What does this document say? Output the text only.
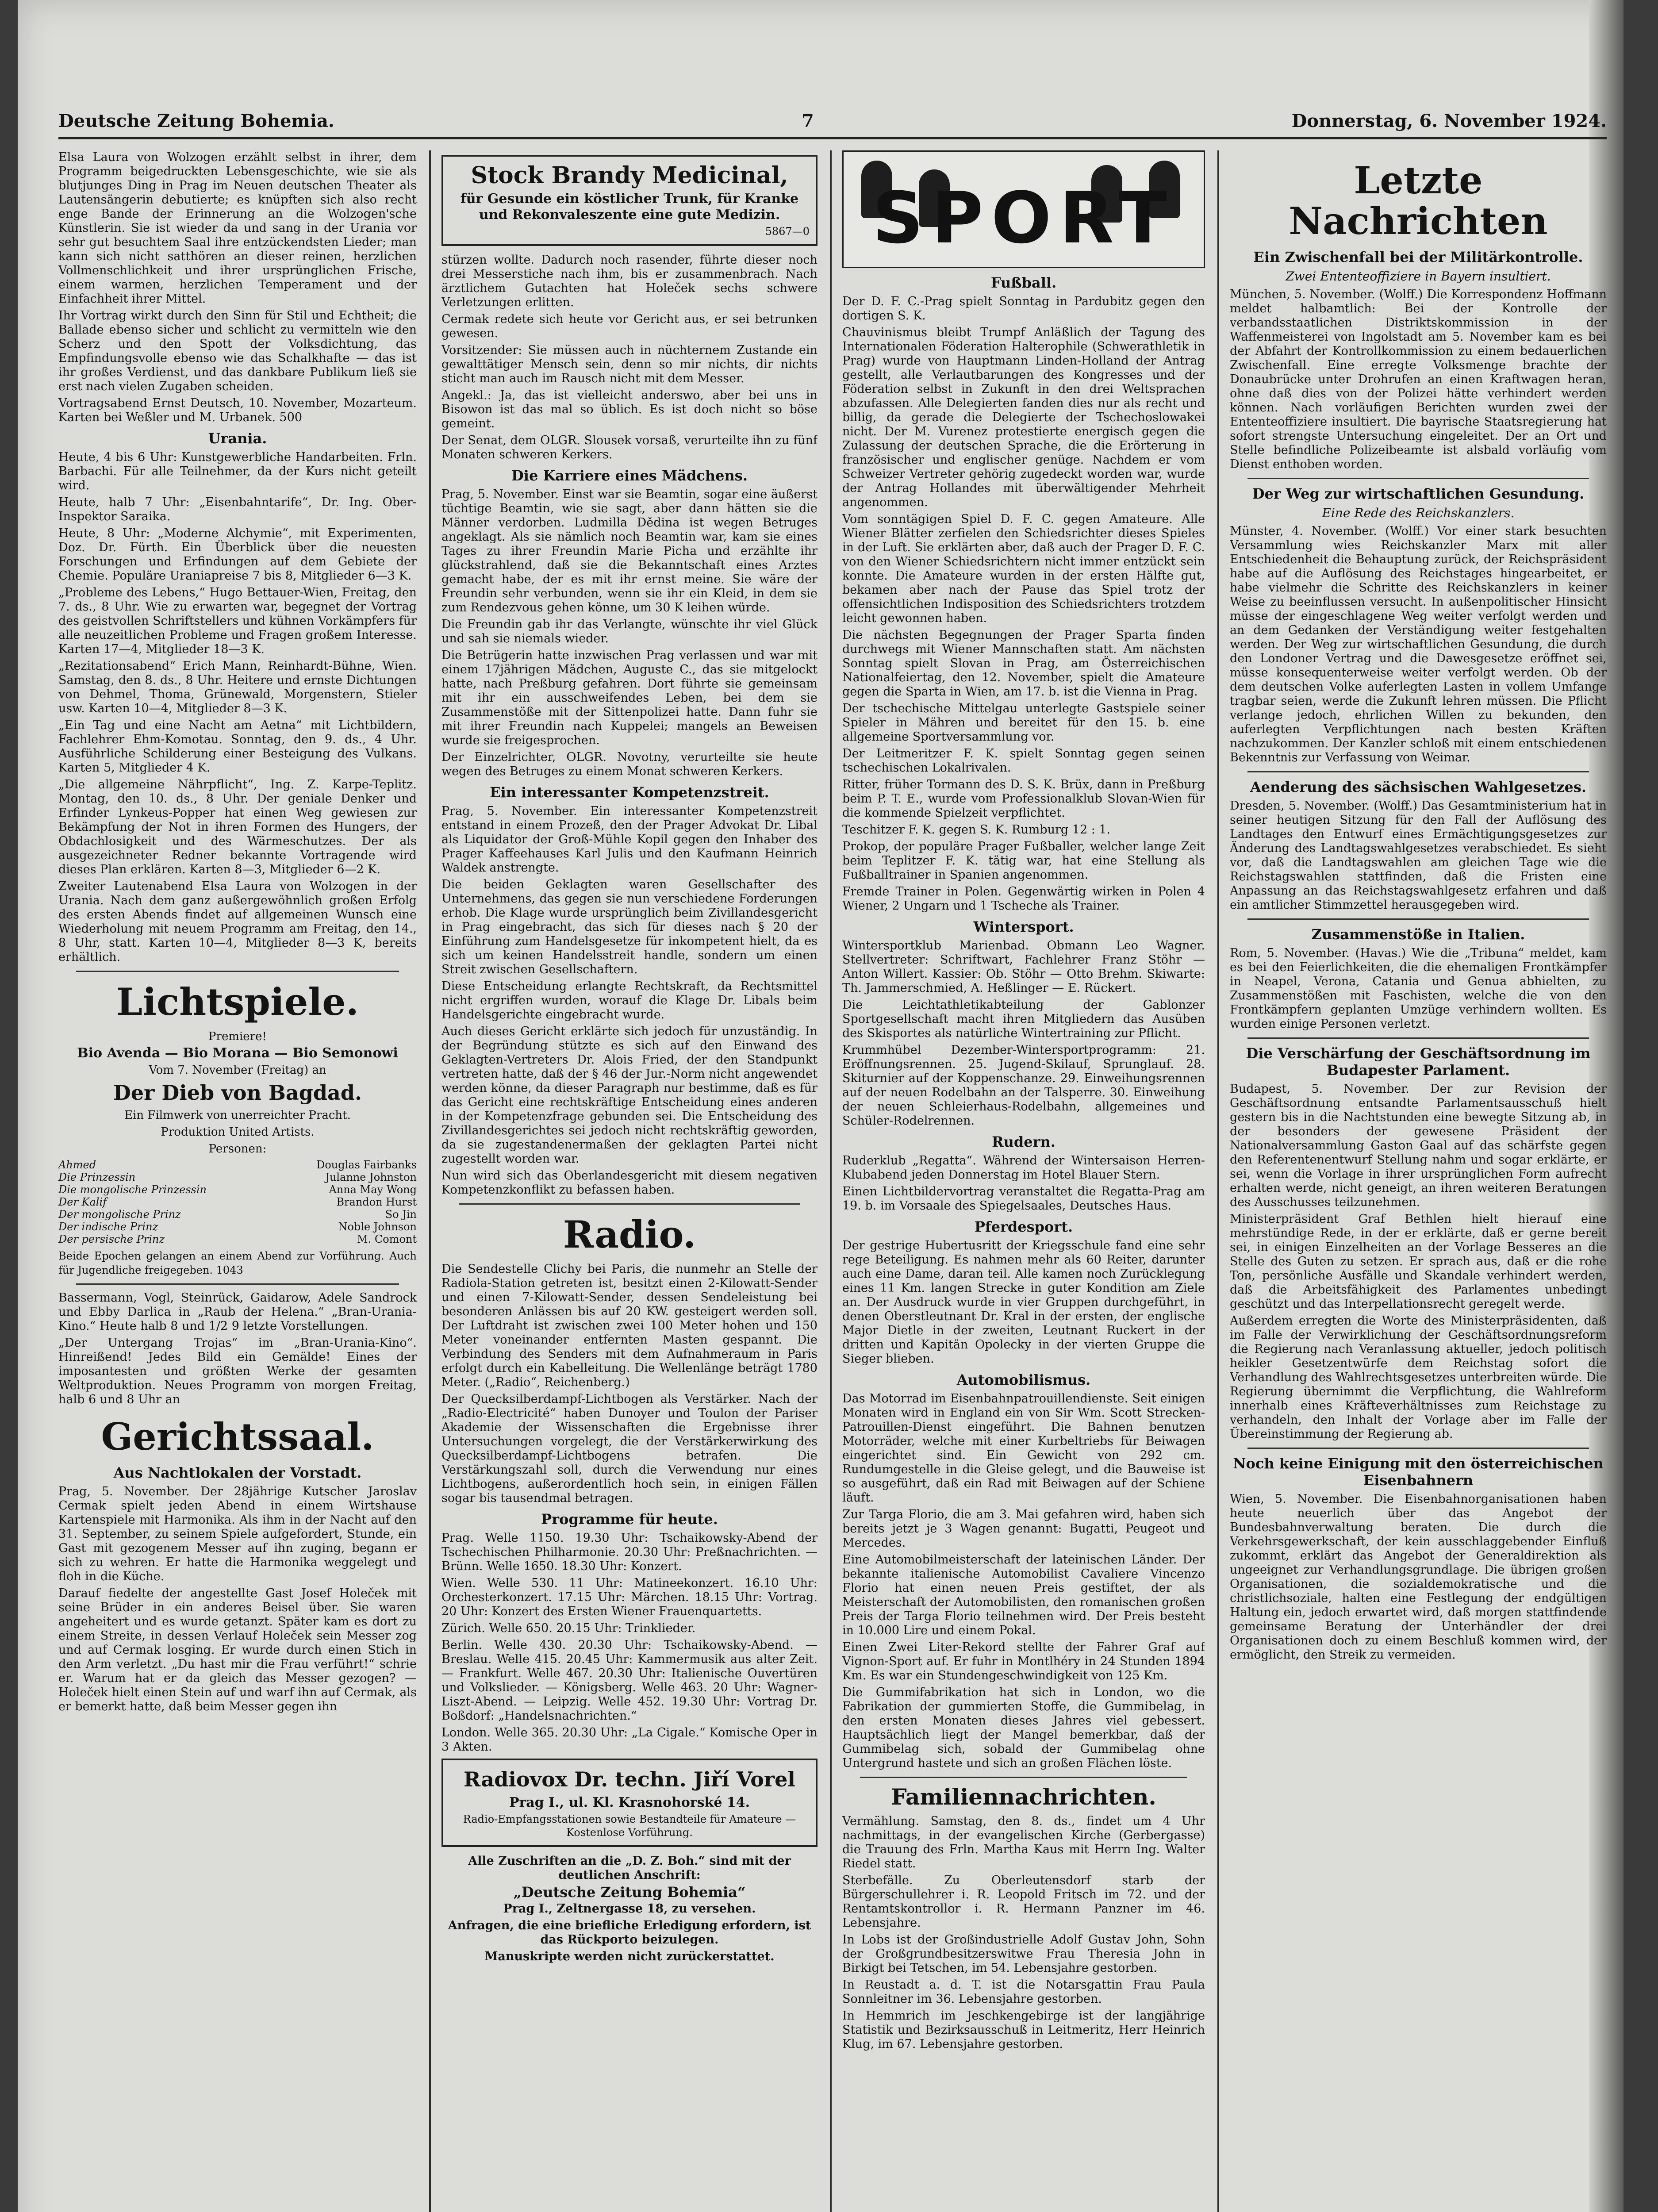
Deutsche Zeitung Bohemia.	7	Donnerstag, 6. November 1924.

Elsa Laura von Wolzogen erzählt selbst in ihrer, dem Programm beigedruckten Lebensgeschichte, wie sie als blutjunges Ding in Prag im Neuen deutschen Theater als Lautensängerin debutierte; es knüpften sich also recht enge Bande der Erinnerung an die Wolzogen'sche Künstlerin. Sie ist wieder da und sang in der Urania vor sehr gut besuchtem Saal ihre entzückendsten Lieder; man kann sich nicht satthören an dieser reinen, herzlichen Vollmenschlichkeit und ihrer ursprünglichen Frische, einem warmen, herzlichen Temperament und der Einfachheit ihrer Mittel.

Ihr Vortrag wirkt durch den Sinn für Stil und Echtheit; die Ballade ebenso sicher und schlicht zu vermitteln wie den Scherz und den Spott der Volksdichtung, das Empfindungsvolle ebenso wie das Schalkhafte — das ist ihr großes Verdienst, und das dankbare Publikum ließ sie erst nach vielen Zugaben scheiden.

Vortragsabend Ernst Deutsch, 10. November, Mozarteum. Karten bei Weßler und M. Urbanek. 500

Urania.

Heute, 4 bis 6 Uhr: Kunstgewerbliche Handarbeiten. Frln. Barbachi. Für alle Teilnehmer, da der Kurs nicht geteilt wird.

Heute, halb 7 Uhr: „Eisenbahntarife“, Dr. Ing. Ober-Inspektor Saraika.

Heute, 8 Uhr: „Moderne Alchymie“, mit Experimenten, Doz. Dr. Fürth. Ein Überblick über die neuesten Forschungen und Erfindungen auf dem Gebiete der Chemie. Populäre Uraniapreise 7 bis 8, Mitglieder 6—3 K.

„Probleme des Lebens,“ Hugo Bettauer-Wien, Freitag, den 7. ds., 8 Uhr. Wie zu erwarten war, begegnet der Vortrag des geistvollen Schriftstellers und kühnen Vorkämpfers für alle neuzeitlichen Probleme und Fragen großem Interesse. Karten 17—4, Mitglieder 18—3 K.

„Rezitationsabend“ Erich Mann, Reinhardt-Bühne, Wien. Samstag, den 8. ds., 8 Uhr. Heitere und ernste Dichtungen von Dehmel, Thoma, Grünewald, Morgenstern, Stieler usw. Karten 10—4, Mitglieder 8—3 K.

„Ein Tag und eine Nacht am Aetna“ mit Lichtbildern, Fachlehrer Ehm-Komotau. Sonntag, den 9. ds., 4 Uhr. Ausführliche Schilderung einer Besteigung des Vulkans. Karten 5, Mitglieder 4 K.

„Die allgemeine Nährpflicht“, Ing. Z. Karpe-Teplitz. Montag, den 10. ds., 8 Uhr. Der geniale Denker und Erfinder Lynkeus-Popper hat einen Weg gewiesen zur Bekämpfung der Not in ihren Formen des Hungers, der Obdachlosigkeit und des Wärmeschutzes. Der als ausgezeichneter Redner bekannte Vortragende wird dieses Plan erklären. Karten 8—3, Mitglieder 6—2 K.

Zweiter Lautenabend Elsa Laura von Wolzogen in der Urania. Nach dem ganz außergewöhnlich großen Erfolg des ersten Abends findet auf allgemeinen Wunsch eine Wiederholung mit neuem Programm am Freitag, den 14., 8 Uhr, statt. Karten 10—4, Mitglieder 8—3 K, bereits erhältlich.

Lichtspiele.

Premiere!

Bio Avenda — Bio Morana — Bio Semonowi

Vom 7. November (Freitag) an

Der Dieb von Bagdad.

Ein Filmwerk von unerreichter Pracht.

Produktion United Artists.

Personen:

Ahmed	Douglas Fairbanks
Die Prinzessin	Julanne Johnston
Die mongolische Prinzessin	Anna May Wong
Der Kalif	Brandon Hurst
Der mongolische Prinz	So Jin
Der indische Prinz	Noble Johnson
Der persische Prinz	M. Comont

Beide Epochen gelangen an einem Abend zur Vorführung. Auch für Jugendliche freigegeben. 1043

Bassermann, Vogl, Steinrück, Gaidarow, Adele Sandrock und Ebby Darlica in „Raub der Helena.“ „Bran-Urania-Kino.“ Heute halb 8 und 1/2 9 letzte Vorstellungen.

„Der Untergang Trojas“ im „Bran-Urania-Kino“. Hinreißend! Jedes Bild ein Gemälde! Eines der imposantesten und größten Werke der gesamten Weltproduktion. Neues Programm von morgen Freitag, halb 6 und 8 Uhr an

Gerichtssaal.
Aus Nachtlokalen der Vorstadt.

Prag, 5. November. Der 28jährige Kutscher Jaroslav Cermak spielt jeden Abend in einem Wirtshause Kartenspiele mit Harmonika. Als ihm in der Nacht auf den 31. September, zu seinem Spiele aufgefordert, Stunde, ein Gast mit gezogenem Messer auf ihn zuging, begann er sich zu wehren. Er hatte die Harmonika weggelegt und floh in die Küche.

Darauf fiedelte der angestellte Gast Josef Holeček mit seine Brüder in ein anderes Beisel über. Sie waren angeheitert und es wurde getanzt. Später kam es dort zu einem Streite, in dessen Verlauf Holeček sein Messer zog und auf Cermak losging. Er wurde durch einen Stich in den Arm verletzt. „Du hast mir die Frau verführt!“ schrie er. Warum hat er da gleich das Messer gezogen? — Holeček hielt einen Stein auf und warf ihn auf Cermak, als er bemerkt hatte, daß beim Messer gegen ihn

Stock Brandy Medicinal,

für Gesunde ein köstlicher Trunk, für Kranke und Rekonvaleszente eine gute Medizin.

5867—0

stürzen wollte. Dadurch noch rasender, führte dieser noch drei Messerstiche nach ihm, bis er zusammenbrach. Nach ärztlichem Gutachten hat Holeček sechs schwere Verletzungen erlitten.

Cermak redete sich heute vor Gericht aus, er sei betrunken gewesen.

Vorsitzender: Sie müssen auch in nüchternem Zustande ein gewalttätiger Mensch sein, denn so mir nichts, dir nichts sticht man auch im Rausch nicht mit dem Messer.

Angekl.: Ja, das ist vielleicht anderswo, aber bei uns in Bisowon ist das mal so üblich. Es ist doch nicht so böse gemeint.

Der Senat, dem OLGR. Slousek vorsaß, verurteilte ihn zu fünf Monaten schweren Kerkers.

Die Karriere eines Mädchens.

Prag, 5. November. Einst war sie Beamtin, sogar eine äußerst tüchtige Beamtin, wie sie sagt, aber dann hätten sie die Männer verdorben. Ludmilla Dědina ist wegen Betruges angeklagt. Als sie nämlich noch Beamtin war, kam sie eines Tages zu ihrer Freundin Marie Picha und erzählte ihr glückstrahlend, daß sie die Bekanntschaft eines Arztes gemacht habe, der es mit ihr ernst meine. Sie wäre der Freundin sehr verbunden, wenn sie ihr ein Kleid, in dem sie zum Rendezvous gehen könne, um 30 K leihen würde.

Die Freundin gab ihr das Verlangte, wünschte ihr viel Glück und sah sie niemals wieder.

Die Betrügerin hatte inzwischen Prag verlassen und war mit einem 17jährigen Mädchen, Auguste C., das sie mitgelockt hatte, nach Preßburg gefahren. Dort führte sie gemeinsam mit ihr ein ausschweifendes Leben, bei dem sie Zusammenstöße mit der Sittenpolizei hatte. Dann fuhr sie mit ihrer Freundin nach Kuppelei; mangels an Beweisen wurde sie freigesprochen.

Der Einzelrichter, OLGR. Novotny, verurteilte sie heute wegen des Betruges zu einem Monat schweren Kerkers.

Ein interessanter Kompetenzstreit.

Prag, 5. November. Ein interessanter Kompetenzstreit entstand in einem Prozeß, den der Prager Advokat Dr. Libal als Liquidator der Groß-Mühle Kopil gegen den Inhaber des Prager Kaffeehauses Karl Julis und den Kaufmann Heinrich Waldek anstrengte.

Die beiden Geklagten waren Gesellschafter des Unternehmens, das gegen sie nun verschiedene Forderungen erhob. Die Klage wurde ursprünglich beim Zivillandesgericht in Prag eingebracht, das sich für dieses nach § 20 der Einführung zum Handelsgesetze für inkompetent hielt, da es sich um keinen Handelsstreit handle, sondern um einen Streit zwischen Gesellschaftern.

Diese Entscheidung erlangte Rechtskraft, da Rechtsmittel nicht ergriffen wurden, worauf die Klage Dr. Libals beim Handelsgerichte eingebracht wurde.

Auch dieses Gericht erklärte sich jedoch für unzuständig. In der Begründung stützte es sich auf den Einwand des Geklagten-Vertreters Dr. Alois Fried, der den Standpunkt vertreten hatte, daß der § 46 der Jur.-Norm nicht angewendet werden könne, da dieser Paragraph nur bestimme, daß es für das Gericht eine rechtskräftige Entscheidung eines anderen in der Kompetenzfrage gebunden sei. Die Entscheidung des Zivillandesgerichtes sei jedoch nicht rechtskräftig geworden, da sie zugestandenermaßen der geklagten Partei nicht zugestellt worden war.

Nun wird sich das Oberlandesgericht mit diesem negativen Kompetenzkonflikt zu befassen haben.

Radio.

Die Sendestelle Clichy bei Paris, die nunmehr an Stelle der Radiola-Station getreten ist, besitzt einen 2-Kilowatt-Sender und einen 7-Kilowatt-Sender, dessen Sendeleistung bei besonderen Anlässen bis auf 20 KW. gesteigert werden soll. Der Luftdraht ist zwischen zwei 100 Meter hohen und 150 Meter voneinander entfernten Masten gespannt. Die Verbindung des Senders mit dem Aufnahmeraum in Paris erfolgt durch ein Kabelleitung. Die Wellenlänge beträgt 1780 Meter. („Radio“, Reichenberg.)

Der Quecksilberdampf-Lichtbogen als Verstärker. Nach der „Radio-Electricité“ haben Dunoyer und Toulon der Pariser Akademie der Wissenschaften die Ergebnisse ihrer Untersuchungen vorgelegt, die der Verstärkerwirkung des Quecksilberdampf-Lichtbogens betrafen. Die Verstärkungszahl soll, durch die Verwendung nur eines Lichtbogens, außerordentlich hoch sein, in einigen Fällen sogar bis tausendmal betragen.

Programme für heute.

Prag. Welle 1150. 19.30 Uhr: Tschaikowsky-Abend der Tschechischen Philharmonie. 20.30 Uhr: Preßnachrichten. — Brünn. Welle 1650. 18.30 Uhr: Konzert.

Wien. Welle 530. 11 Uhr: Matineekonzert. 16.10 Uhr: Orchesterkonzert. 17.15 Uhr: Märchen. 18.15 Uhr: Vortrag. 20 Uhr: Konzert des Ersten Wiener Frauenquartetts.

Zürich. Welle 650. 20.15 Uhr: Trinklieder.

Berlin. Welle 430. 20.30 Uhr: Tschaikowsky-Abend. — Breslau. Welle 415. 20.45 Uhr: Kammermusik aus alter Zeit. — Frankfurt. Welle 467. 20.30 Uhr: Italienische Ouvertüren und Volkslieder. — Königsberg. Welle 463. 20 Uhr: Wagner-Liszt-Abend. — Leipzig. Welle 452. 19.30 Uhr: Vortrag Dr. Boßdorf: „Handelsnachrichten.“

London. Welle 365. 20.30 Uhr: „La Cigale.“ Komische Oper in 3 Akten.

Radiovox Dr. techn. Jiří Vorel

Prag I., ul. Kl. Krasnohorské 14.

Radio-Empfangsstationen sowie Bestandteile für Amateure — Kostenlose Vorführung.

Alle Zuschriften an die „D. Z. Boh.“ sind mit der deutlichen Anschrift:

„Deutsche Zeitung Bohemia“

Prag I., Zeltnergasse 18, zu versehen.

Anfragen, die eine briefliche Erledigung erfordern, ist das Rückporto beizulegen.

Manuskripte werden nicht zurückerstattet.

SPORT
Fußball.

Der D. F. C.-Prag spielt Sonntag in Pardubitz gegen den dortigen S. K.

Chauvinismus bleibt Trumpf Anläßlich der Tagung des Internationalen Föderation Halterophile (Schwerathletik in Prag) wurde von Hauptmann Linden-Holland der Antrag gestellt, alle Verlautbarungen des Kongresses und der Föderation selbst in Zukunft in den drei Weltsprachen abzufassen. Alle Delegierten fanden dies nur als recht und billig, da gerade die Delegierte der Tschechoslowakei nicht. Der M. Vurenez protestierte energisch gegen die Zulassung der deutschen Sprache, die die Erörterung in französischer und englischer genüge. Nachdem er vom Schweizer Vertreter gehörig zugedeckt worden war, wurde der Antrag Hollandes mit überwältigender Mehrheit angenommen.

Vom sonntägigen Spiel D. F. C. gegen Amateure. Alle Wiener Blätter zerfielen den Schiedsrichter dieses Spieles in der Luft. Sie erklärten aber, daß auch der Prager D. F. C. von den Wiener Schiedsrichtern nicht immer entzückt sein konnte. Die Amateure wurden in der ersten Hälfte gut, bekamen aber nach der Pause das Spiel trotz der offensichtlichen Indisposition des Schiedsrichters trotzdem leicht gewonnen haben.

Die nächsten Begegnungen der Prager Sparta finden durchwegs mit Wiener Mannschaften statt. Am nächsten Sonntag spielt Slovan in Prag, am Österreichischen Nationalfeiertag, den 12. November, spielt die Amateure gegen die Sparta in Wien, am 17. b. ist die Vienna in Prag.

Der tschechische Mittelgau unterlegte Gastspiele seiner Spieler in Mähren und bereitet für den 15. b. eine allgemeine Sportversammlung vor.

Der Leitmeritzer F. K. spielt Sonntag gegen seinen tschechischen Lokalrivalen.

Ritter, früher Tormann des D. S. K. Brüx, dann in Preßburg beim P. T. E., wurde vom Professionalklub Slovan-Wien für die kommende Spielzeit verpflichtet.

Teschitzer F. K. gegen S. K. Rumburg 12 : 1.

Prokop, der populäre Prager Fußballer, welcher lange Zeit beim Teplitzer F. K. tätig war, hat eine Stellung als Fußballtrainer in Spanien angenommen.

Fremde Trainer in Polen. Gegenwärtig wirken in Polen 4 Wiener, 2 Ungarn und 1 Tscheche als Trainer.

Wintersport.

Wintersportklub Marienbad. Obmann Leo Wagner. Stellvertreter: Schriftwart, Fachlehrer Franz Stöhr — Anton Willert. Kassier: Ob. Stöhr — Otto Brehm. Skiwarte: Th. Jammerschmied, A. Heßlinger — E. Rückert.

Die Leichtathletikabteilung der Gablonzer Sportgesellschaft macht ihren Mitgliedern das Ausüben des Skisportes als natürliche Wintertraining zur Pflicht.

Krummhübel Dezember-Wintersportprogramm: 21. Eröffnungsrennen. 25. Jugend-Skilauf, Sprunglauf. 28. Skiturnier auf der Koppenschanze. 29. Einweihungsrennen auf der neuen Rodelbahn an der Talsperre. 30. Einweihung der neuen Schleierhaus-Rodelbahn, allgemeines und Schüler-Rodelrennen.

Rudern.

Ruderklub „Regatta“. Während der Wintersaison Herren-Klubabend jeden Donnerstag im Hotel Blauer Stern.

Einen Lichtbildervortrag veranstaltet die Regatta-Prag am 19. b. im Vorsaale des Spiegelsaales, Deutsches Haus.

Pferdesport.

Der gestrige Hubertusritt der Kriegsschule fand eine sehr rege Beteiligung. Es nahmen mehr als 60 Reiter, darunter auch eine Dame, daran teil. Alle kamen noch Zurücklegung eines 11 Km. langen Strecke in guter Kondition am Ziele an. Der Ausdruck wurde in vier Gruppen durchgeführt, in denen Oberstleutnant Dr. Kral in der ersten, der englische Major Dietle in der zweiten, Leutnant Ruckert in der dritten und Kapitän Opolecky in der vierten Gruppe die Sieger blieben.

Automobilismus.

Das Motorrad im Eisenbahnpatrouillendienste. Seit einigen Monaten wird in England ein von Sir Wm. Scott Strecken-Patrouillen-Dienst eingeführt. Die Bahnen benutzen Motorräder, welche mit einer Kurbeltriebs für Beiwagen eingerichtet sind. Ein Gewicht von 292 cm. Rundumgestelle in die Gleise gelegt, und die Bauweise ist so ausgeführt, daß ein Rad mit Beiwagen auf der Schiene läuft.

Zur Targa Florio, die am 3. Mai gefahren wird, haben sich bereits jetzt je 3 Wagen genannt: Bugatti, Peugeot und Mercedes.

Eine Automobilmeisterschaft der lateinischen Länder. Der bekannte italienische Automobilist Cavaliere Vincenzo Florio hat einen neuen Preis gestiftet, der als Meisterschaft der Automobilisten, den romanischen großen Preis der Targa Florio teilnehmen wird. Der Preis besteht in 10.000 Lire und einem Pokal.

Einen Zwei Liter-Rekord stellte der Fahrer Graf auf Vignon-Sport auf. Er fuhr in Montlhéry in 24 Stunden 1894 Km. Es war ein Stundengeschwindigkeit von 125 Km.

Die Gummifabrikation hat sich in London, wo die Fabrikation der gummierten Stoffe, die Gummibelag, in den ersten Monaten dieses Jahres viel gebessert. Hauptsächlich liegt der Mangel bemerkbar, daß der Gummibelag sich, sobald der Gummibelag ohne Untergrund hastete und sich an großen Flächen löste.

Familiennachrichten.

Vermählung. Samstag, den 8. ds., findet um 4 Uhr nachmittags, in der evangelischen Kirche (Gerbergasse) die Trauung des Frln. Martha Kaus mit Herrn Ing. Walter Riedel statt.

Sterbefälle. Zu Oberleutensdorf starb der Bürgerschullehrer i. R. Leopold Fritsch im 72. und der Rentamtskontrollor i. R. Hermann Panzner im 46. Lebensjahre.

In Lobs ist der Großindustrielle Adolf Gustav John, Sohn der Großgrundbesitzerswitwe Frau Theresia John in Birkigt bei Tetschen, im 54. Lebensjahre gestorben.

In Reustadt a. d. T. ist die Notarsgattin Frau Paula Sonnleitner im 36. Lebensjahre gestorben.

In Hemmrich im Jeschkengebirge ist der langjährige Statistik und Bezirksausschuß in Leitmeritz, Herr Heinrich Klug, im 67. Lebensjahre gestorben.

Letzte Nachrichten
Ein Zwischenfall bei der Militärkontrolle.

Zwei Ententeoffiziere in Bayern insultiert.

München, 5. November. (Wolff.) Die Korrespondenz Hoffmann meldet halbamtlich: Bei der Kontrolle der verbandsstaatlichen Distriktskommission in der Waffenmeisterei von Ingolstadt am 5. November kam es bei der Abfahrt der Kontrollkommission zu einem bedauerlichen Zwischenfall. Eine erregte Volksmenge brachte der Donaubrücke unter Drohrufen an einen Kraftwagen heran, ohne daß dies von der Polizei hätte verhindert werden können. Nach vorläufigen Berichten wurden zwei der Ententeoffiziere insultiert. Die bayrische Staatsregierung hat sofort strengste Untersuchung eingeleitet. Der an Ort und Stelle befindliche Polizeibeamte ist alsbald vorläufig vom Dienst enthoben worden.

Der Weg zur wirtschaftlichen Gesundung.

Eine Rede des Reichskanzlers.

Münster, 4. November. (Wolff.) Vor einer stark besuchten Versammlung wies Reichskanzler Marx mit aller Entschiedenheit die Behauptung zurück, der Reichspräsident habe auf die Auflösung des Reichstages hingearbeitet, er habe vielmehr die Schritte des Reichskanzlers in keiner Weise zu beeinflussen versucht. In außenpolitischer Hinsicht müsse der eingeschlagene Weg weiter verfolgt werden und an dem Gedanken der Verständigung weiter festgehalten werden. Der Weg zur wirtschaftlichen Gesundung, die durch den Londoner Vertrag und die Dawesgesetze eröffnet sei, müsse konsequenterweise weiter verfolgt werden. Ob der dem deutschen Volke auferlegten Lasten in vollem Umfange tragbar seien, werde die Zukunft lehren müssen. Die Pflicht verlange jedoch, ehrlichen Willen zu bekunden, den auferlegten Verpflichtungen nach besten Kräften nachzukommen. Der Kanzler schloß mit einem entschiedenen Bekenntnis zur Verfassung von Weimar.

Aenderung des sächsischen Wahlgesetzes.

Dresden, 5. November. (Wolff.) Das Gesamtministerium hat in seiner heutigen Sitzung für den Fall der Auflösung des Landtages den Entwurf eines Ermächtigungsgesetzes zur Änderung des Landtagswahlgesetzes verabschiedet. Es sieht vor, daß die Landtagswahlen am gleichen Tage wie die Reichstagswahlen stattfinden, daß die Fristen eine Anpassung an das Reichstagswahlgesetz erfahren und daß ein amtlicher Stimmzettel herausgegeben wird.

Zusammenstöße in Italien.

Rom, 5. November. (Havas.) Wie die „Tribuna“ meldet, kam es bei den Feierlichkeiten, die die ehemaligen Frontkämpfer in Neapel, Verona, Catania und Genua abhielten, zu Zusammenstößen mit Faschisten, welche die von den Frontkämpfern geplanten Umzüge verhindern wollten. Es wurden einige Personen verletzt.

Die Verschärfung der Geschäftsordnung im Budapester Parlament.

Budapest, 5. November. Der zur Revision der Geschäftsordnung entsandte Parlamentsausschuß hielt gestern bis in die Nachtstunden eine bewegte Sitzung ab, in der besonders der gewesene Präsident der Nationalversammlung Gaston Gaal auf das schärfste gegen den Referentenentwurf Stellung nahm und sogar erklärte, er sei, wenn die Vorlage in ihrer ursprünglichen Form aufrecht erhalten werde, nicht geneigt, an ihren weiteren Beratungen des Ausschusses teilzunehmen.

Ministerpräsident Graf Bethlen hielt hierauf eine mehrstündige Rede, in der er erklärte, daß er gerne bereit sei, in einigen Einzelheiten an der Vorlage Besseres an die Stelle des Guten zu setzen. Er sprach aus, daß er die rohe Ton, persönliche Ausfälle und Skandale verhindert werden, daß die Arbeitsfähigkeit des Parlamentes unbedingt geschützt und das Interpellationsrecht geregelt werde.

Außerdem erregten die Worte des Ministerpräsidenten, daß im Falle der Verwirklichung der Geschäftsordnungsreform die Regierung nach Veranlassung aktueller, jedoch politisch heikler Gesetzentwürfe dem Reichstag sofort die Verhandlung des Wahlrechtsgesetzes unterbreiten würde. Die Regierung übernimmt die Verpflichtung, die Wahlreform innerhalb eines Kräfteverhältnisses zum Reichstage zu verhandeln, den Inhalt der Vorlage aber im Falle der Übereinstimmung der Regierung ab.

Noch keine Einigung mit den österreichischen Eisenbahnern

Wien, 5. November. Die Eisenbahnorganisationen haben heute neuerlich über das Angebot der Bundesbahnverwaltung beraten. Die durch die Verkehrsgewerkschaft, der kein ausschlaggebender Einfluß zukommt, erklärt das Angebot der Generaldirektion als ungeeignet zur Verhandlungsgrundlage. Die übrigen großen Organisationen, die sozialdemokratische und die christlichsoziale, halten eine Festlegung der endgültigen Haltung ein, jedoch erwartet wird, daß morgen stattfindende gemeinsame Beratung der Unterhändler der drei Organisationen doch zu einem Beschluß kommen wird, der ermöglicht, den Streik zu vermeiden.
